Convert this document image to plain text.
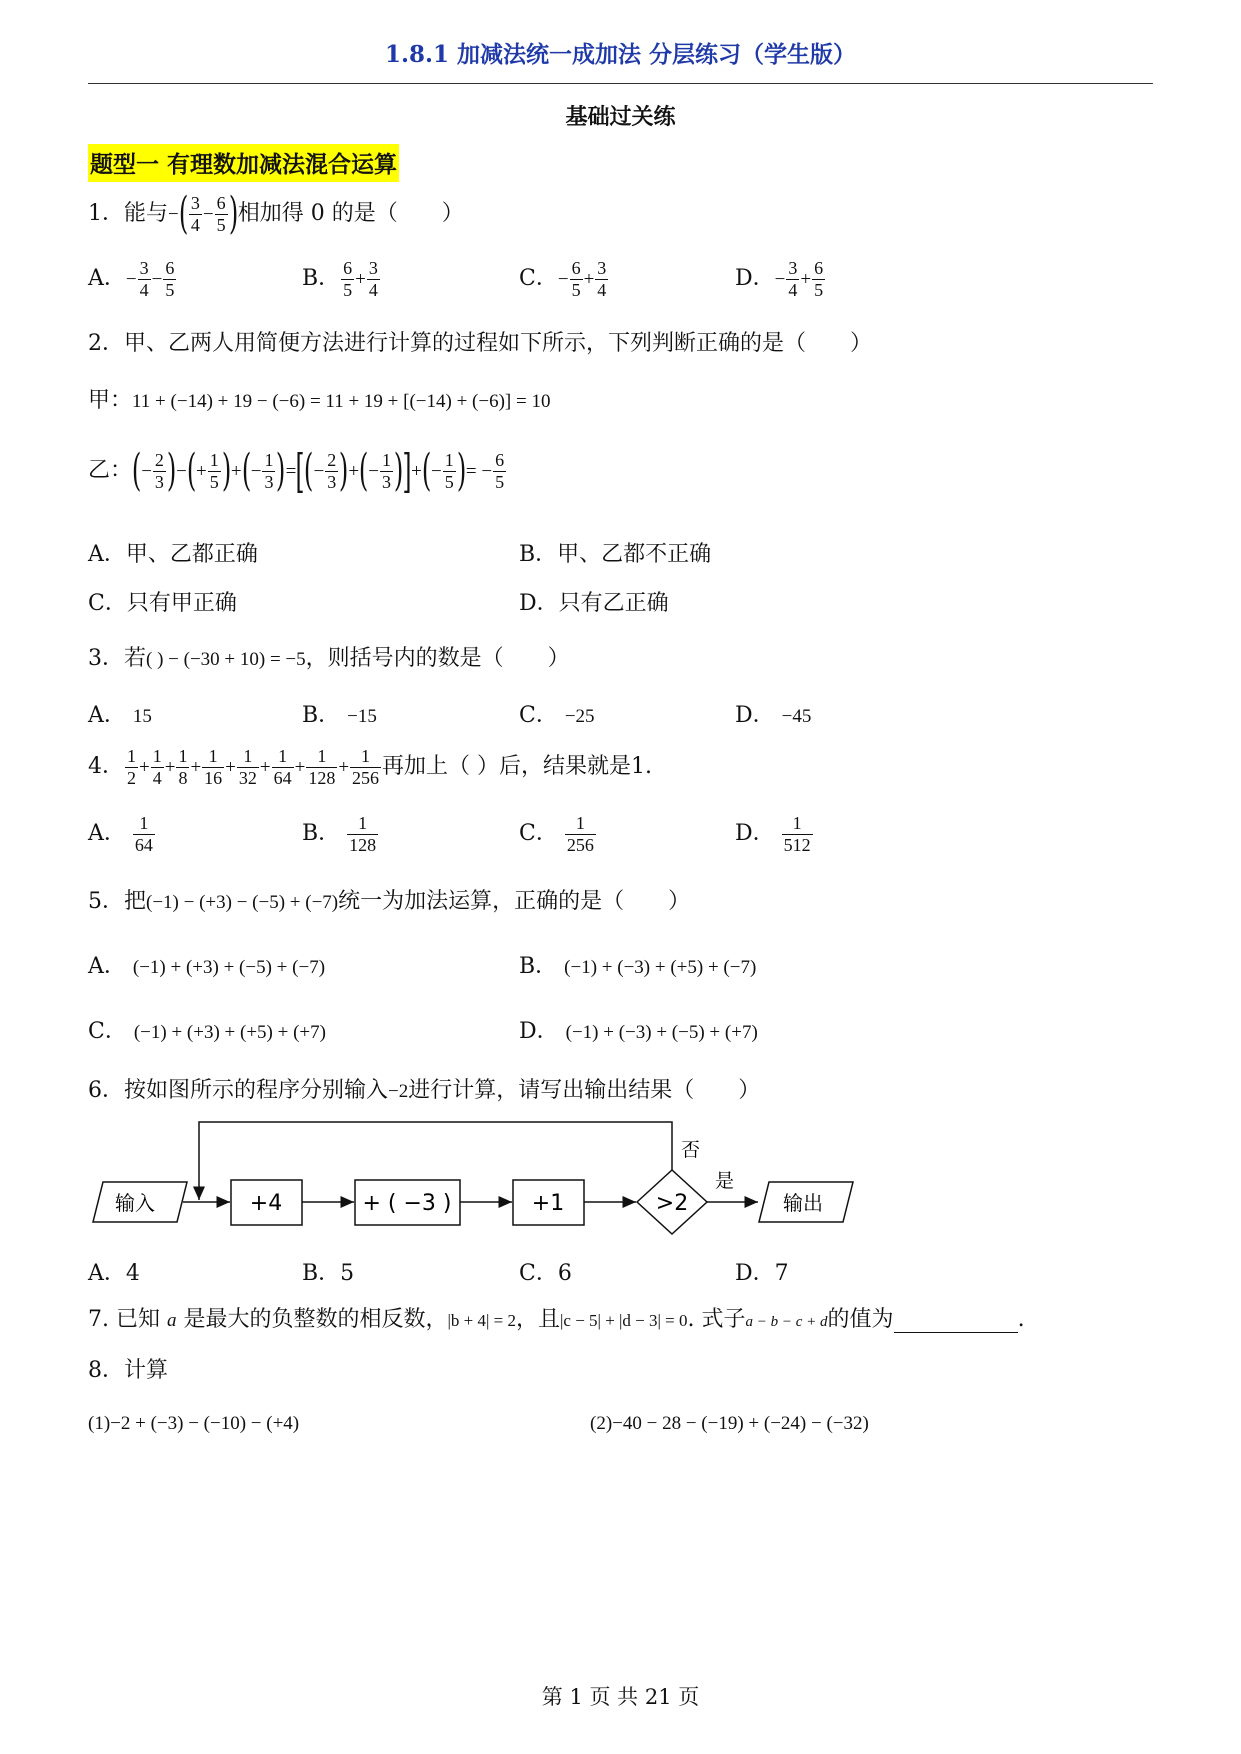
1.8.1 加减法统一成加法 分层练习（学生版）
基础过关练
题型一 有理数加减法混合运算
1．能与−( $\frac{3}{4} - \frac{6}{5}$ )相加得 0 的是（　　）
A．− $\frac{3}{4} - \frac{6}{5}$	B． $\frac{6}{5} + \frac{3}{4}$	C．− $\frac{6}{5} + \frac{3}{4}$	D．− $\frac{3}{4} + \frac{6}{5}$
2．甲、乙两人用简便方法进行计算的过程如下所示，下列判断正确的是（　　）
甲：11 + (−14) + 19 − (−6) = 11 + 19 + [(−14) + (−6)] = 10
乙：(− $\frac{2}{3}$ )−(+ $\frac{1}{5}$ )+(− $\frac{1}{3}$ )=[(− $\frac{2}{3}$ )+(− $\frac{1}{3}$ )]+(− $\frac{1}{5}$ )= − $\frac{6}{5}$
A．甲、乙都正确	B．甲、乙都不正确
C．只有甲正确	D．只有乙正确
3．若( ) − (−30 + 10) = −5，则括号内的数是（　　）
A． 15	B． −15	C． −25	D． −45
4． $\frac{1}{2} + \frac{1}{4} + \frac{1}{8} + \frac{1}{16} + \frac{1}{32} + \frac{1}{64} + \frac{1}{128} + \frac{1}{256}$ 再加上（ ）后，结果就是1.
A． $\frac{1}{64}$	B． $\frac{1}{128}$	C． $\frac{1}{256}$	D． $\frac{1}{512}$
5．把(−1) − (+3) − (−5) + (−7)统一为加法运算，正确的是（　　）
A． (−1) + (+3) + (−5) + (−7)	B． (−1) + (−3) + (+5) + (−7)
C． (−1) + (+3) + (+5) + (+7)	D． (−1) + (−3) + (−5) + (+7)
6．按如图所示的程序分别输入−2进行计算，请写出输出结果（　　）
输入	+4	+ ( −3 )	+1	>2
否
是
输出
A．4	B．5	C．6	D．7
7. 已知 a 是最大的负整数的相反数，|b + 4| = 2，且|c − 5| + |d − 3| = 0. 式子a − b − c + d的值为	.
8．计算
(1)−2 + (−3) − (−10) − (+4)	(2)−40 − 28 − (−19) + (−24) − (−32)
第 1 页 共 21 页
